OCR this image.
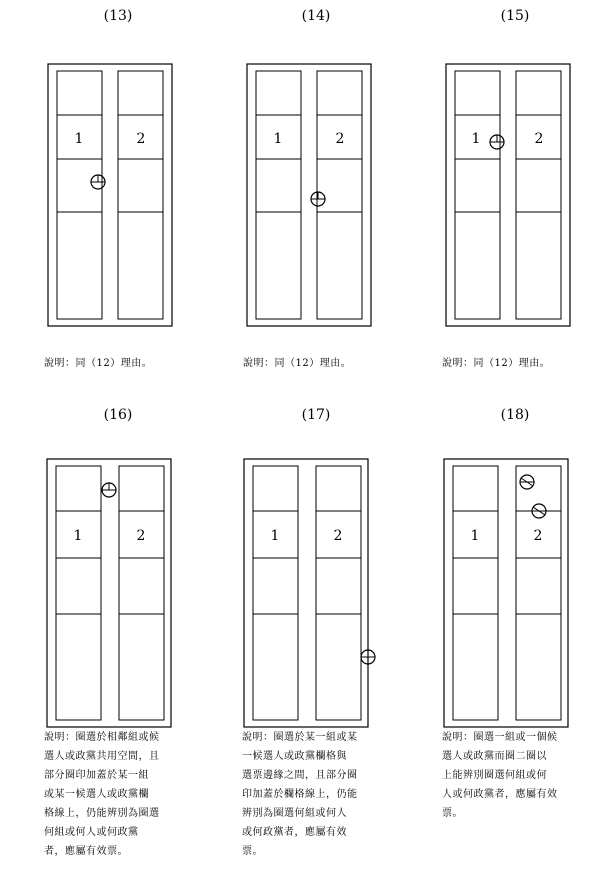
(13)
1	2
說明：同（12）理由。
(14)
1	2
說明：同（12）理由。
(15)
1	2
說明：同（12）理由。
(16)
1	2
說明：圈選於相鄰組或候
選人或政黨共用空間，且
部分圈印加蓋於某一組
或某一候選人或政黨欄
格線上，仍能辨別為圈選
何組或何人或何政黨
者，應屬有效票。
(17)
1	2
說明：圈選於某一組或某
一候選人或政黨欄格與
選票邊緣之間，且部分圈
印加蓋於欄格線上，仍能
辨別為圈選何組或何人
或何政黨者，應屬有效
票。
(18)
1	2
說明：圈選一組或一個候
選人或政黨而圈二圈以
上能辨別圈選何組或何
人或何政黨者，應屬有效
票。
